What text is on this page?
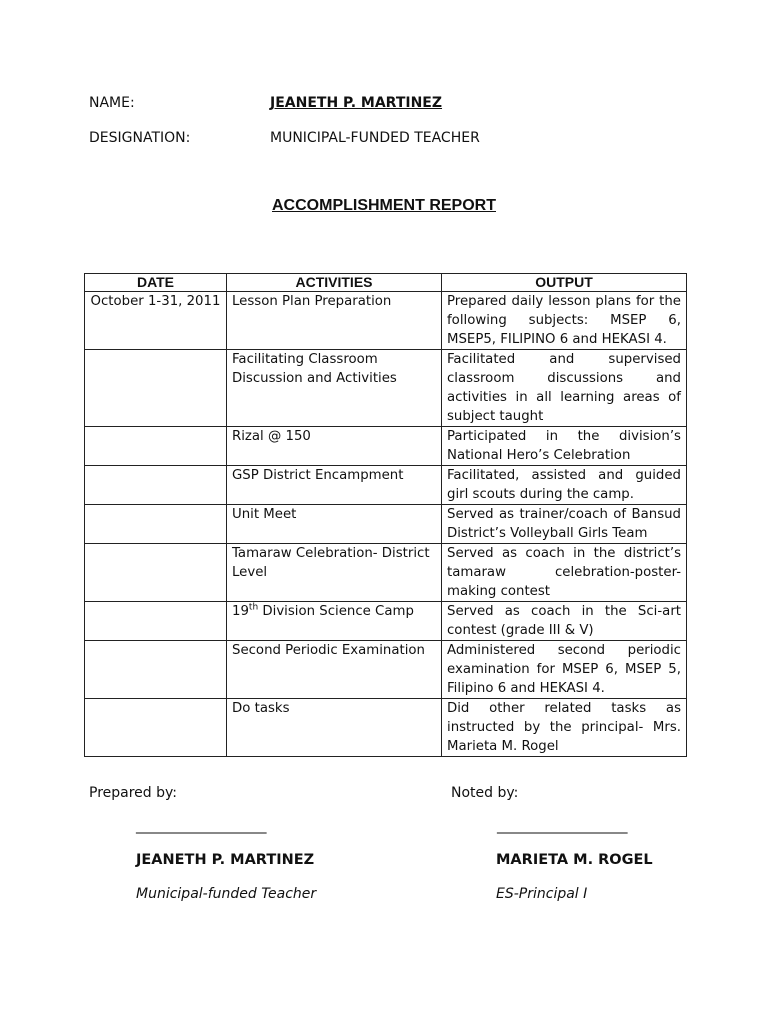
NAME:	JEANETH P. MARTINEZ
DESIGNATION:	MUNICIPAL-FUNDED TEACHER
ACCOMPLISHMENT REPORT
DATE	ACTIVITIES	OUTPUT
October 1-31, 2011	Lesson Plan Preparation	Prepared daily lesson plans for the following subjects: MSEP 6, MSEP5, FILIPINO 6 and HEKASI 4.
	Facilitating Classroom Discussion and Activities	Facilitated and supervised classroom discussions and activities in all learning areas of subject taught
	Rizal @ 150	Participated in the division’s National Hero’s Celebration
	GSP District Encampment	Facilitated, assisted and guided girl scouts during the camp.
	Unit Meet	Served as trainer/coach of Bansud District’s Volleyball Girls Team
	Tamaraw Celebration- District Level	Served as coach in the district’s tamaraw celebration-poster-making contest
	19th Division Science Camp	Served as coach in the Sci-art contest (grade III & V)
	Second Periodic Examination	Administered second periodic examination for MSEP 6, MSEP 5, Filipino 6 and HEKASI 4.
	Do tasks	Did other related tasks as instructed by the principal- Mrs. Marieta M. Rogel
Prepared by:	Noted by:
____________________	____________________
JEANETH P. MARTINEZ	MARIETA M. ROGEL
Municipal-funded Teacher	ES-Principal I
